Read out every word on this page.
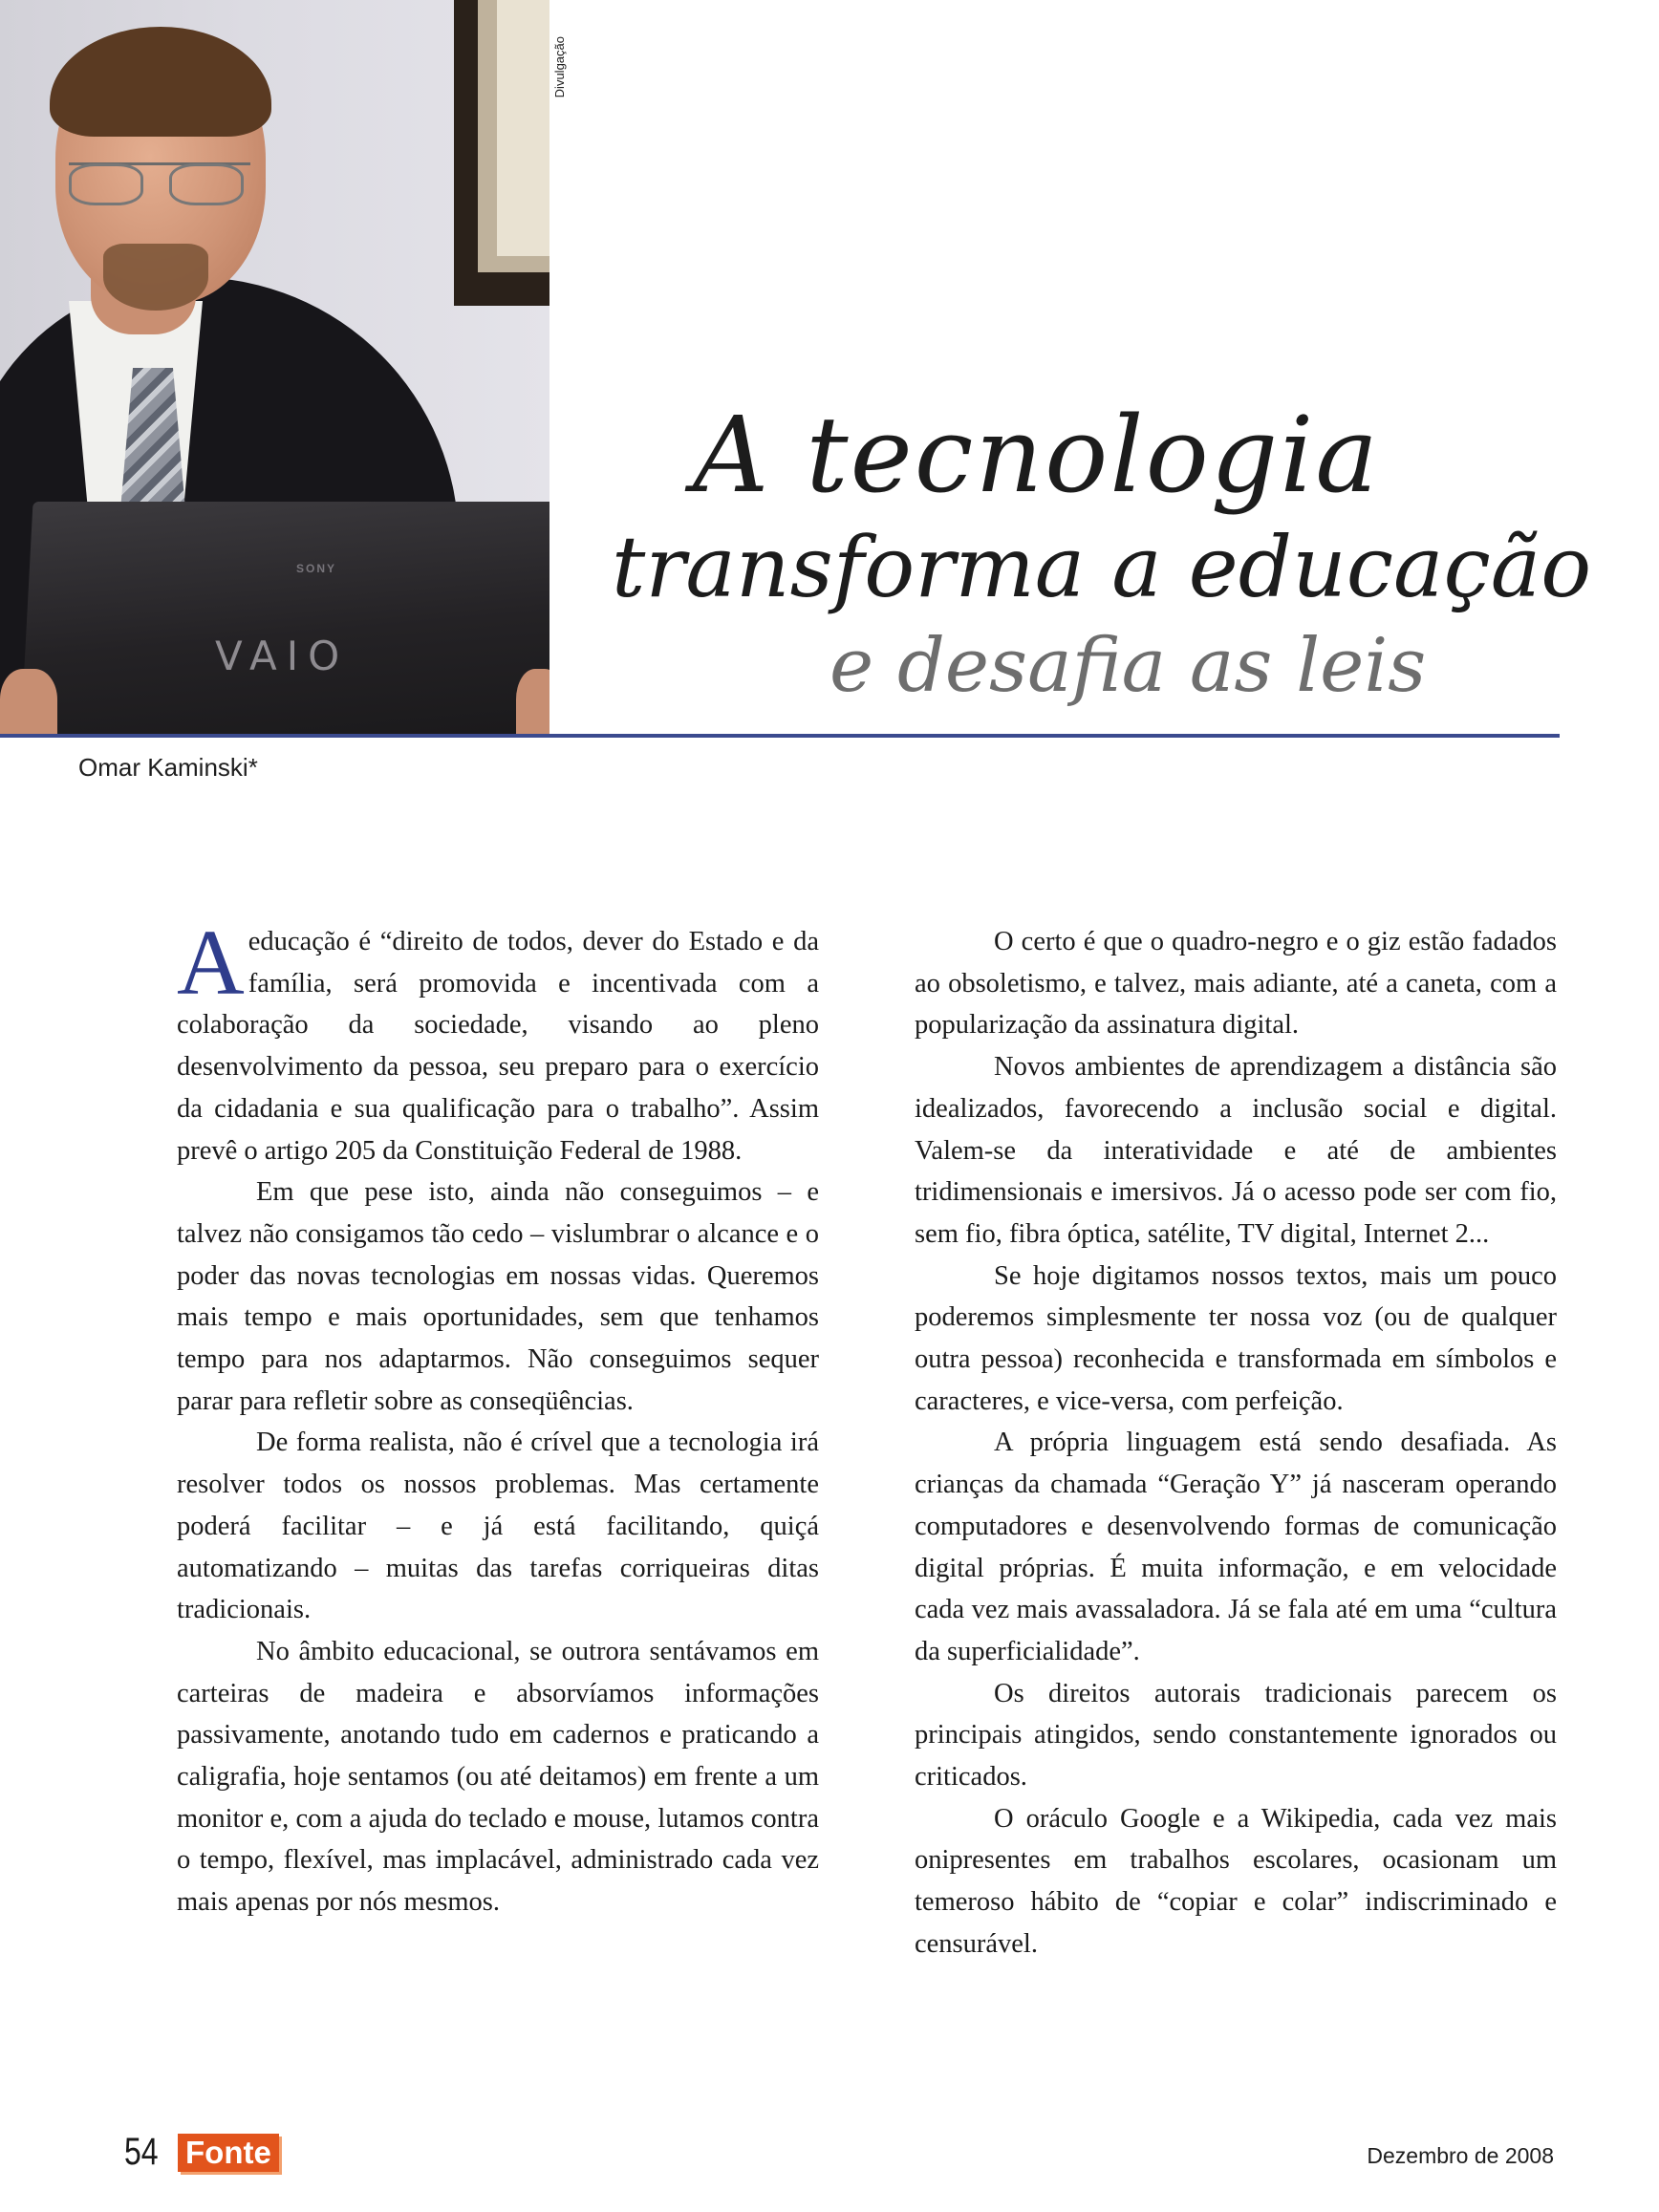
SONY
VAIO
Divulgação
A tecnologia
transforma a educação
e desafia as leis
Omar Kaminski*

Aeducação é “direito de todos, dever do Estado e da família, será promovida e incentivada com a colaboração da sociedade, visando ao pleno desenvolvimento da pessoa, seu preparo para o exercício da cidadania e sua qualificação para o trabalho”. Assim prevê o artigo 205 da Constituição Federal de 1988.

Em que pese isto, ainda não conseguimos – e talvez não consigamos tão cedo – vislumbrar o alcance e o poder das novas tecnologias em nossas vidas. Queremos mais tempo e mais oportunidades, sem que tenhamos tempo para nos adaptarmos. Não conseguimos sequer parar para refletir sobre as conseqüências.

De forma realista, não é crível que a tecnologia irá resolver todos os nossos problemas. Mas certamente poderá facilitar – e já está facilitando, quiçá automatizando – muitas das tarefas corriqueiras ditas tradicionais.

No âmbito educacional, se outrora sentávamos em carteiras de madeira e absorvíamos informações passivamente, anotando tudo em cadernos e praticando a caligrafia, hoje sentamos (ou até deitamos) em frente a um monitor e, com a ajuda do teclado e mouse, lutamos contra o tempo, flexível, mas implacável, administrado cada vez mais apenas por nós mesmos.

O certo é que o quadro-negro e o giz estão fadados ao obsoletismo, e talvez, mais adiante, até a caneta, com a popularização da assinatura digital.

Novos ambientes de aprendizagem a distância são idealizados, favorecendo a inclusão social e digital. Valem-se da interatividade e até de ambientes tridimensionais e imersivos. Já o acesso pode ser com fio, sem fio, fibra óptica, satélite, TV digital, Internet 2...

Se hoje digitamos nossos textos, mais um pouco poderemos simplesmente ter nossa voz (ou de qualquer outra pessoa) reconhecida e transformada em símbolos e caracteres, e vice-versa, com perfeição.

A própria linguagem está sendo desafiada. As crianças da chamada “Geração Y” já nasceram operando computadores e desenvolvendo formas de comunicação digital próprias. É muita informação, e em velocidade cada vez mais avassaladora. Já se fala até em uma “cultura da superficialidade”.

Os direitos autorais tradicionais parecem os principais atingidos, sendo constantemente ignorados ou criticados.

O oráculo Google e a Wikipedia, cada vez mais onipresentes em trabalhos escolares, ocasionam um temeroso hábito de “copiar e colar” indiscriminado e censurável.

54 Fonte	Dezembro de 2008
